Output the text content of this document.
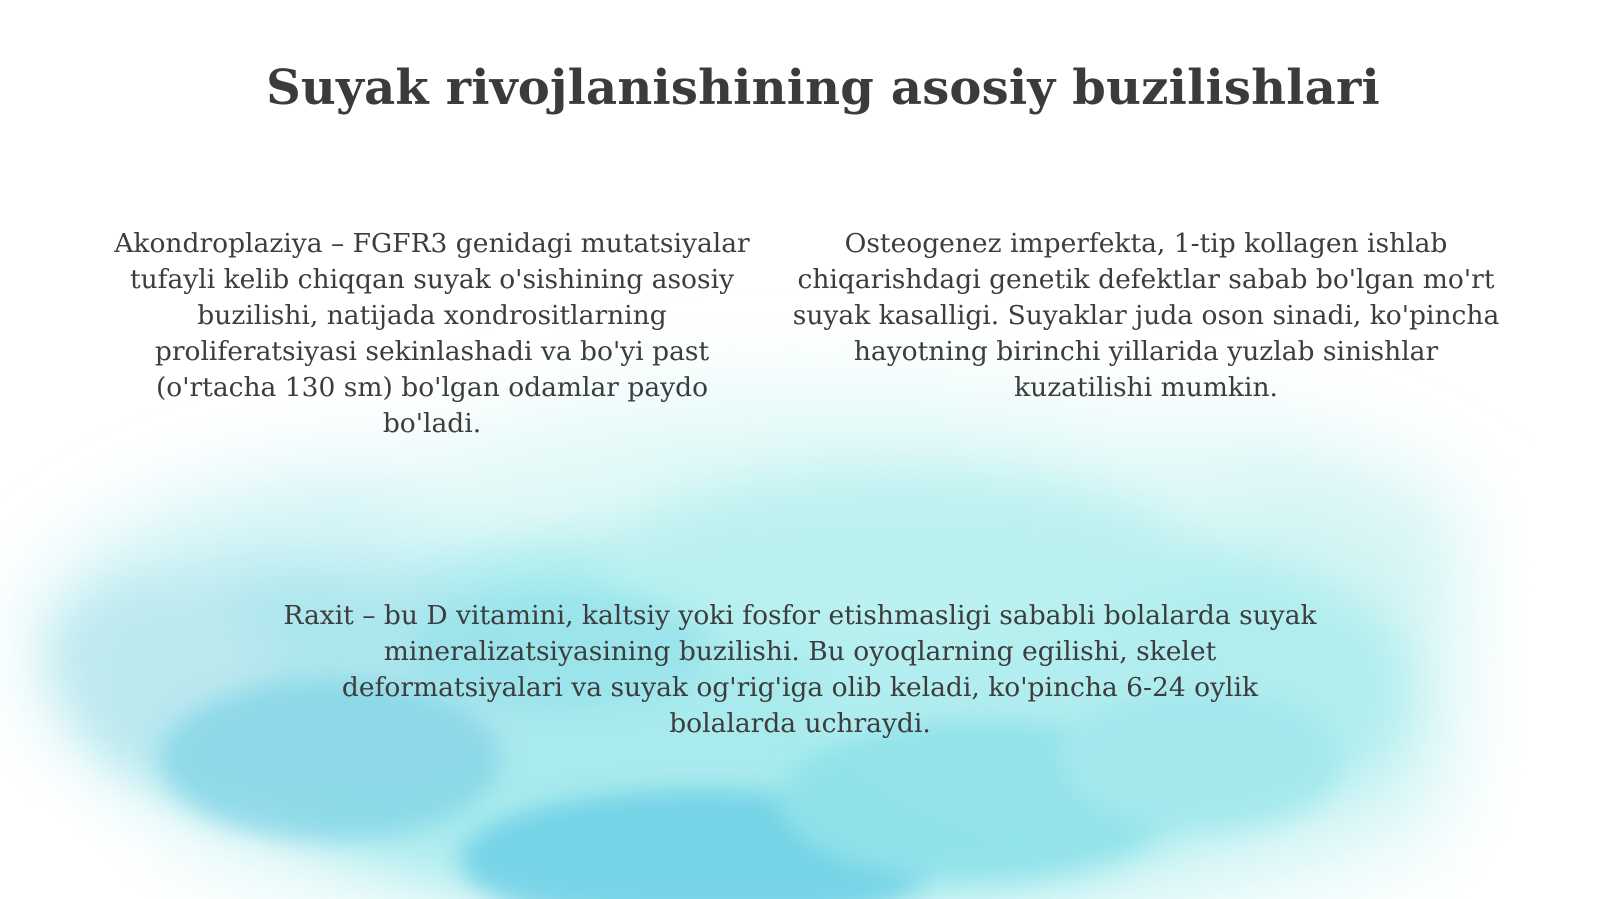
Suyak rivojlanishining asosiy buzilishlari
Akondroplaziya – FGFR3 genidagi mutatsiyalar tufayli kelib chiqqan suyak o'sishining asosiy buzilishi, natijada xondrositlarning proliferatsiyasi sekinlashadi va bo'yi past (o'rtacha 130 sm) bo'lgan odamlar paydo bo'ladi.
Osteogenez imperfekta, 1-tip kollagen ishlab chiqarishdagi genetik defektlar sabab bo'lgan mo'rt suyak kasalligi. Suyaklar juda oson sinadi, ko'pincha hayotning birinchi yillarida yuzlab sinishlar kuzatilishi mumkin.
Raxit – bu D vitamini, kaltsiy yoki fosfor etishmasligi sababli bolalarda suyak mineralizatsiyasining buzilishi. Bu oyoqlarning egilishi, skelet deformatsiyalari va suyak og'rig'iga olib keladi, ko'pincha 6-24 oylik bolalarda uchraydi.
